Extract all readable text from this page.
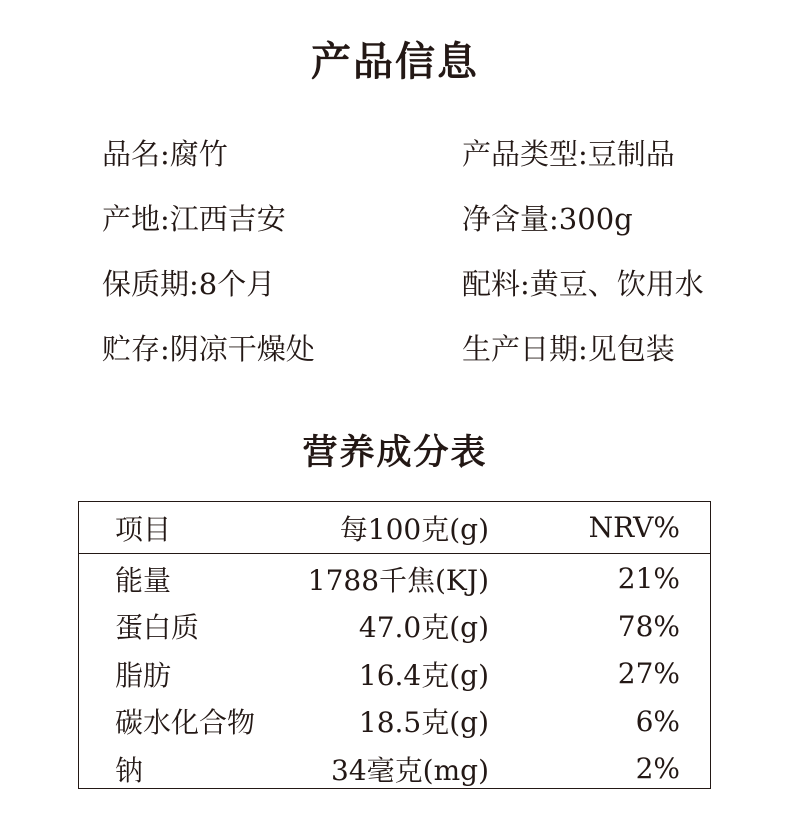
产品信息
品名 : 腐竹	产品类型 : 豆制品
产地 : 江西吉安	净含量 : 300g
保质期 : 8个月	配料 : 黄豆、饮用水
贮存 : 阴凉干燥处	生产日期 : 见包装
营养成分表
项目	每100克(g)	NRV%
能量	1788千焦(KJ)	21%
蛋白质	47.0克(g)	78%
脂肪	16.4克(g)	27%
碳水化合物	18.5克(g)	6%
钠	34毫克(mg)	2%
